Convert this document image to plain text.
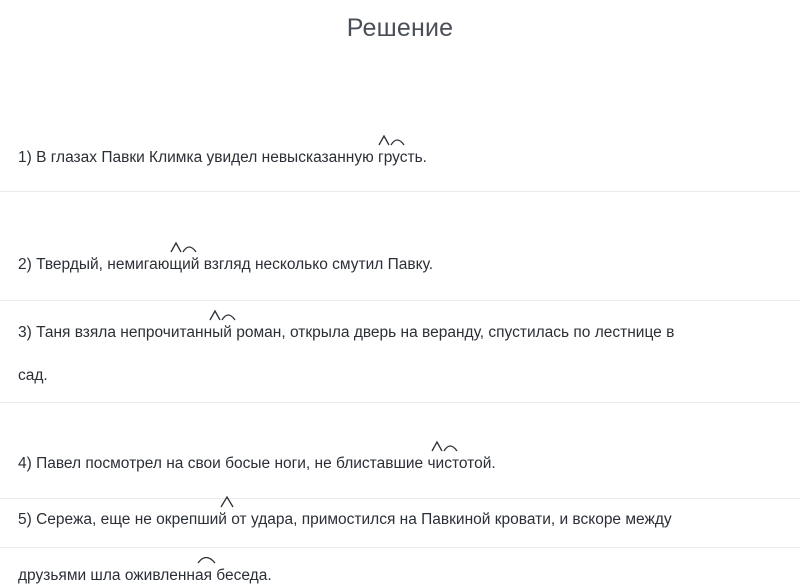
Решение
1) В глазах Павки Климка увидел невысказанную грусть.
2) Твердый, немигающий взгляд несколько смутил Павку.
3) Таня взяла непрочитанный роман, открыла дверь на веранду, спустилась по лестнице в
сад.
4) Павел посмотрел на свои босые ноги, не блиставшие чистотой.
5) Сережа, еще не окрепший от удара, примостился на Павкиной кровати, и вскоре между
друзьями шла оживленная беседа.
